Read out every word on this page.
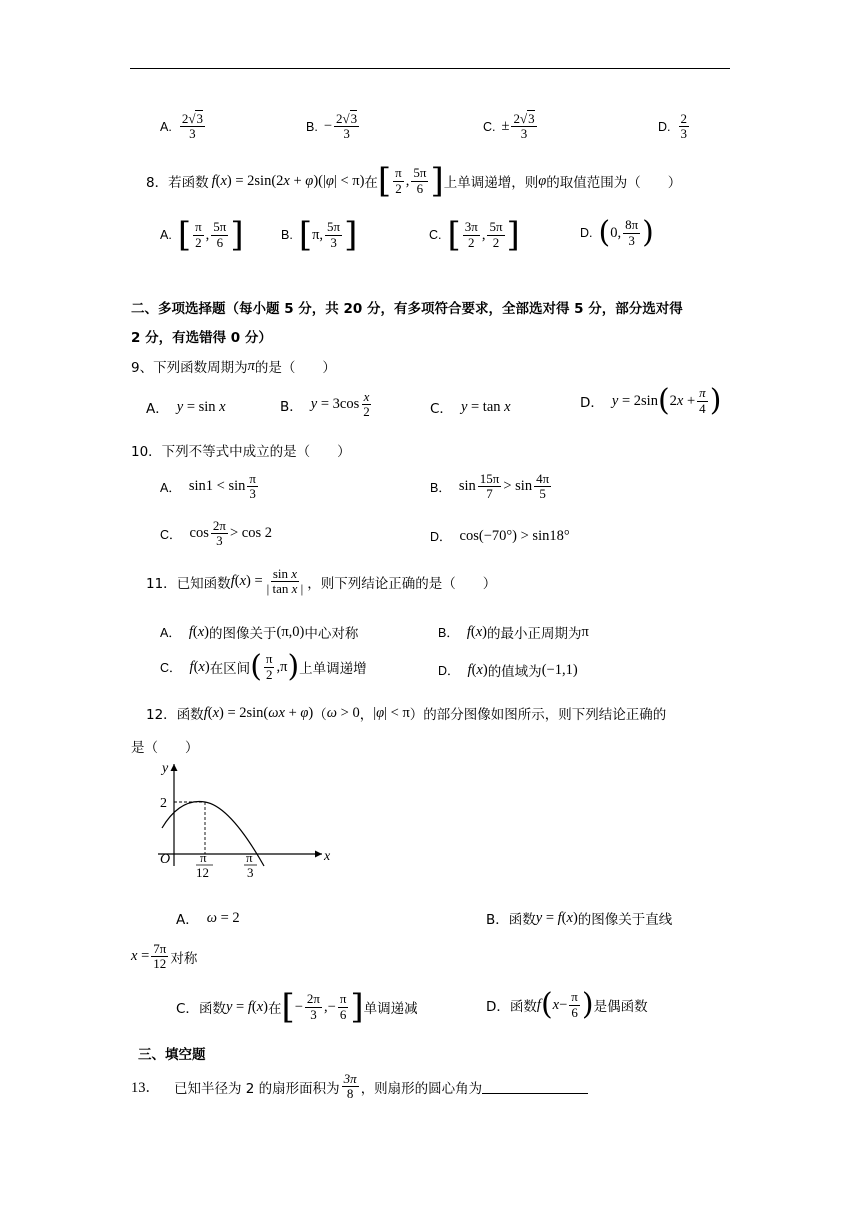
A. $\frac{2√3}{3}$	B. − $\frac{2√3}{3}$	C. ± $\frac{2√3}{3}$	D. $\frac{2}{3}$
8． 若函数 f(x) = 2sin(2x + φ)(|φ| < π) 在 [ $\frac{\pi}{2}$ , $\frac{5\pi}{6}$ ] 上单调递增，则 φ 的取值范围为（　　）
A. [ $\frac{\pi}{2}$ , $\frac{5\pi}{6}$ ]	B. [ π, $\frac{5\pi}{3}$ ]	C. [ $\frac{3\pi}{2}$ , $\frac{5\pi}{2}$ ]	D. ( 0, $\frac{8\pi}{3}$ )
二、多项选择题（每小题 5 分，共 20 分，有多项符合要求，全部选对得 5 分，部分选对得
2 分，有选错得 0 分）
9、下列函数周期为 π 的是（　　）
A． y = sin x	B． $y = 3\cos \frac{x}{2}$	C． y = tan x	D． y = 2sin ( $2x + \frac{\pi}{4}$ )
10．下列不等式中成立的是（　　）
A． $\sin 1 < \sin \frac{\pi}{3}$	B． $\sin \frac{15\pi}{7} > \sin \frac{4\pi}{5}$
C． $\cos \frac{2\pi}{3} > \cos 2$	D． cos(−70°) > sin18°
11． 已知函数 $f(x) = \frac{\text{sin x}}{\text{| tan x |}}$ ，则下列结论正确的是（　　）
A． f(x) 的图像关于 (π,0) 中心对称	B． f(x) 的最小正周期为 π
C． f(x) 在区间 ( $\frac{\pi}{2} ,\pi$ ) 上单调递增	D． f(x) 的值域为 (−1,1)
12． 函数 f(x) = 2sin(ωx + φ) （ ω > 0 ， |φ| < π ）的部分图像如图所示，则下列结论正确的
是（　　）
y
x
O
2
π
12
π
3
A． ω = 2	B． 函数 y = f(x) 的图像关于直线
$x = \frac{7\pi}{12}$ 对称
C． 函数 y = f(x) 在 [ − $\frac{2\pi}{3}$ ,− $\frac{\pi}{6}$ ] 单调递减	D． 函数 f ( $x - \frac{\pi}{6}$ ) 是偶函数
三、填空题
13． 已知半径为 2 的扇形面积为 $\frac{3\pi}{8}$ ，则扇形的圆心角为
